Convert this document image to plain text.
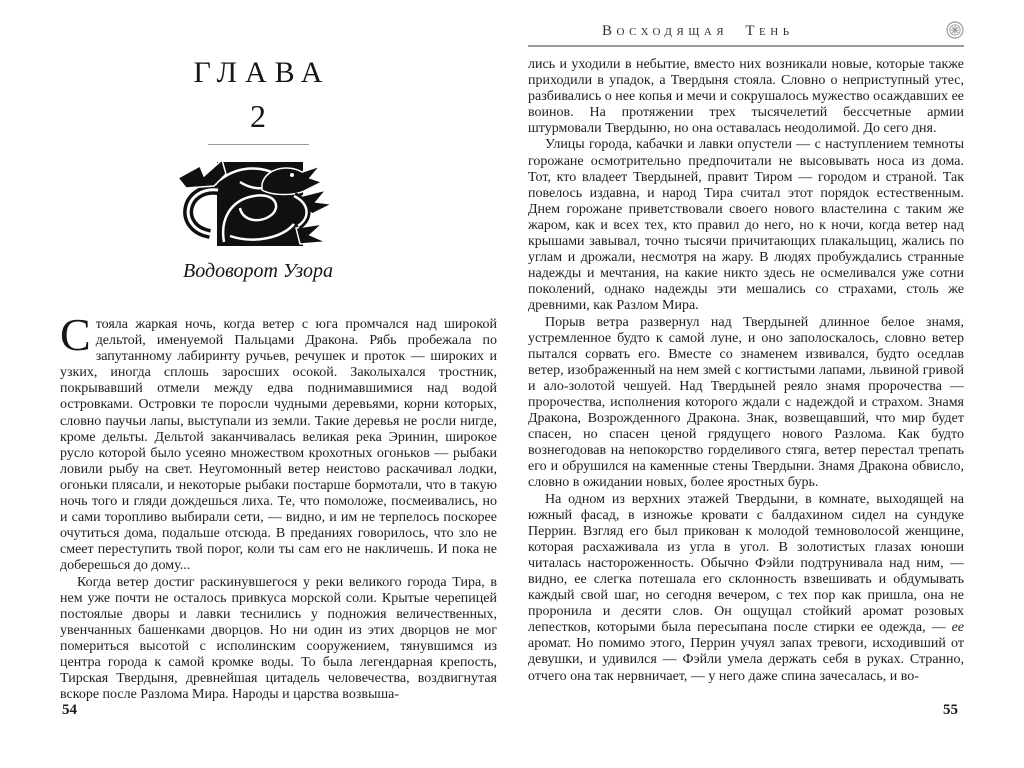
ГЛАВА
2
Водоворот Узора

Стояла жаркая ночь, когда ветер с юга промчался над широкой дельтой, именуемой Пальцами Дракона. Рябь пробежала по запутанному лабиринту ручьев, речушек и проток — широких и узких, иногда сплошь заросших осокой. Заколыхался тростник, покрывавший отмели между едва поднимавшимися над водой островками. Островки те поросли чудными деревьями, корни которых, словно паучьи лапы, выступали из земли. Такие деревья не росли нигде, кроме дельты. Дельтой заканчивалась великая река Эринин, широкое русло которой было усеяно множеством крохотных огоньков — рыбаки ловили рыбу на свет. Неугомонный ветер неистово раскачивал лодки, огоньки плясали, и некоторые рыбаки постарше бормотали, что в такую ночь того и гляди дождешься лиха. Те, что помоложе, посмеивались, но и сами торопливо выбирали сети, — видно, и им не терпелось поскорее очутиться дома, подальше отсюда. В преданиях говорилось, что зло не смеет переступить твой порог, коли ты сам его не накличешь. И пока не доберешься до дому...

Когда ветер достиг раскинувшегося у реки великого города Тира, в нем уже почти не осталось привкуса морской соли. Крытые черепицей постоялые дворы и лавки теснились у подножия величественных, увенчанных башенками дворцов. Но ни один из этих дворцов не мог помериться высотой с исполинским сооружением, тянувшимся из центра города к самой кромке воды. То была легендарная крепость, Тирская Твердыня, древнейшая цитадель человечества, воздвигнутая вскоре после Разлома Мира. Народы и царства возвыша-

54
Восходящая Тень

лись и уходили в небытие, вместо них возникали новые, которые также приходили в упадок, а Твердыня стояла. Словно о неприступный утес, разбивались о нее копья и мечи и сокрушалось мужество осаждавших ее воинов. На протяжении трех тысячелетий бессчетные армии штурмовали Твердыню, но она оставалась неодолимой. До сего дня.

Улицы города, кабачки и лавки опустели — с наступлением темноты горожане осмотрительно предпочитали не высовывать носа из дома. Тот, кто владеет Твердыней, правит Тиром — городом и страной. Так повелось издавна, и народ Тира считал этот порядок естественным. Днем горожане приветствовали своего нового властелина с таким же жаром, как и всех тех, кто правил до него, но к ночи, когда ветер над крышами завывал, точно тысячи причитающих плакальщиц, жались по углам и дрожали, несмотря на жару. В людях пробуждались странные надежды и мечтания, на какие никто здесь не осмеливался уже сотни поколений, однако надежды эти мешались со страхами, столь же древними, как Разлом Мира.

Порыв ветра развернул над Твердыней длинное белое знамя, устремленное будто к самой луне, и оно заполоскалось, словно ветер пытался сорвать его. Вместе со знаменем извивался, будто оседлав ветер, изображенный на нем змей с когтистыми лапами, львиной гривой и ало-золотой чешуей. Над Твердыней реяло знамя пророчества — пророчества, исполнения которого ждали с надеждой и страхом. Знамя Дракона, Возрожденного Дракона. Знак, возвещавший, что мир будет спасен, но спасен ценой грядущего нового Разлома. Как будто вознегодовав на непокорство горделивого стяга, ветер перестал трепать его и обрушился на каменные стены Твердыни. Знамя Дракона обвисло, словно в ожидании новых, более яростных бурь.

На одном из верхних этажей Твердыни, в комнате, выходящей на южный фасад, в изножье кровати с балдахином сидел на сундуке Перрин. Взгляд его был прикован к молодой темноволосой женщине, которая расхаживала из угла в угол. В золотистых глазах юноши читалась настороженность. Обычно Фэйли подтрунивала над ним, — видно, ее слегка потешала его склонность взвешивать и обдумывать каждый свой шаг, но сегодня вечером, с тех пор как пришла, она не проронила и десяти слов. Он ощущал стойкий аромат розовых лепестков, которыми была пересыпана после стирки ее одежда, — ее аромат. Но помимо этого, Перрин учуял запах тревоги, исходивший от девушки, и удивился — Фэйли умела держать себя в руках. Странно, отчего она так нервничает, — у него даже спина зачесалась, и во-

55
